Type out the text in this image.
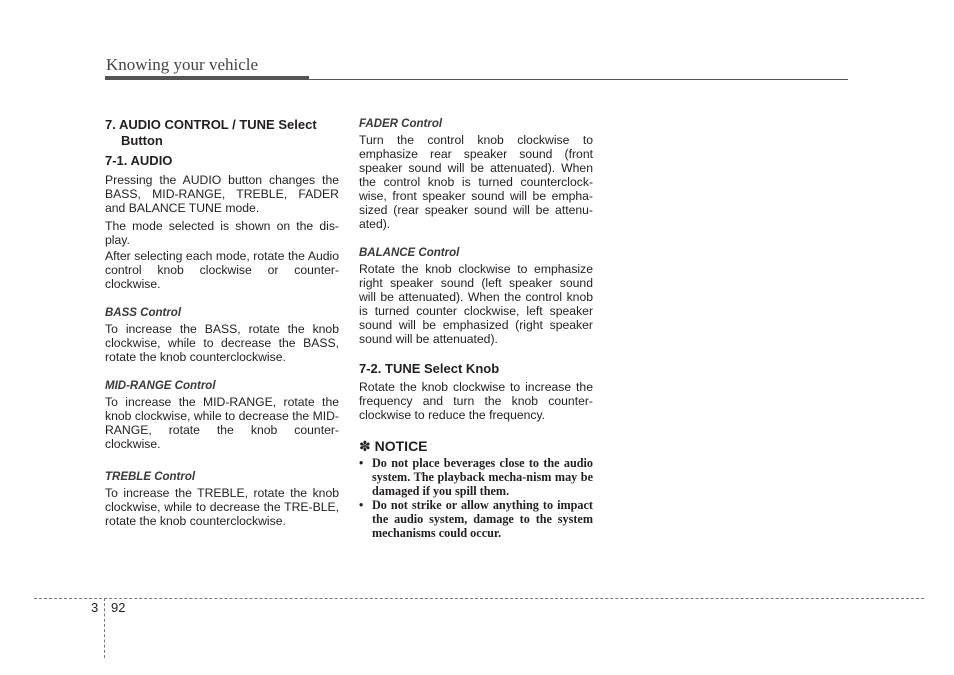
Knowing your vehicle
7. AUDIO CONTROL / TUNE Select
Button
7-1. AUDIO

Pressing the AUDIO button changes the BASS, MID-RANGE, TREBLE, FADER and BALANCE TUNE mode.

The mode selected is shown on the dis-play.

After selecting each mode, rotate the Audio control knob clockwise or counter-clockwise.

BASS Control

To increase the BASS, rotate the knob clockwise, while to decrease the BASS, rotate the knob counterclockwise.

MID-RANGE Control

To increase the MID-RANGE, rotate the knob clockwise, while to decrease the MID-RANGE, rotate the knob counter-clockwise.

TREBLE Control

To increase the TREBLE, rotate the knob clockwise, while to decrease the TRE-BLE, rotate the knob counterclockwise.

FADER Control

Turn the control knob clockwise to emphasize rear speaker sound (front speaker sound will be attenuated). When the control knob is turned counterclock-wise, front speaker sound will be empha-sized (rear speaker sound will be attenu-ated).

BALANCE Control

Rotate the knob clockwise to emphasize right speaker sound (left speaker sound will be attenuated). When the control knob is turned counter clockwise, left speaker sound will be emphasized (right speaker sound will be attenuated).

7-2. TUNE Select Knob

Rotate the knob clockwise to increase the frequency and turn the knob counter-clockwise to reduce the frequency.

✽ NOTICE
• Do not place beverages close to the audio system. The playback mecha-nism may be damaged if you spill them.
• Do not strike or allow anything to impact the audio system, damage to the system mechanisms could occur.
3 92
